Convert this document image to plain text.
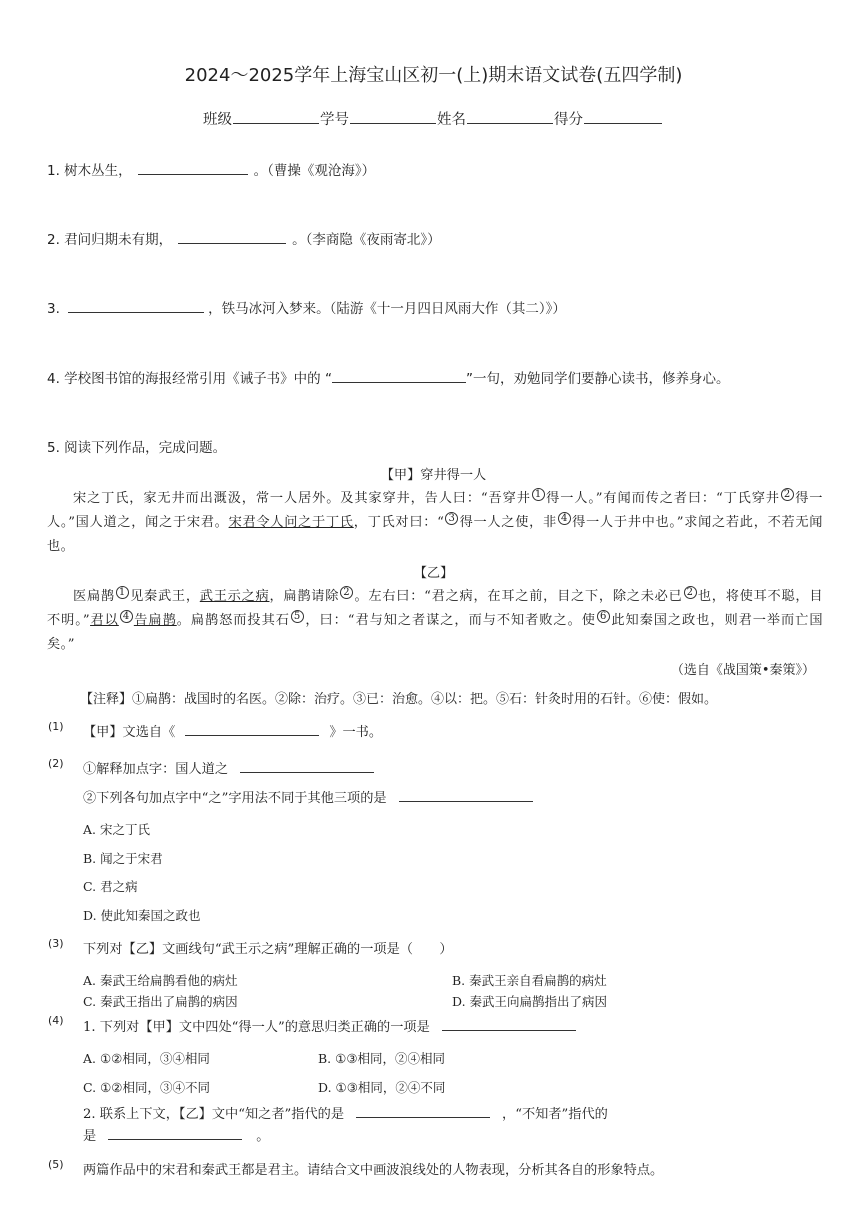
2024～2025学年上海宝山区初一(上)期末语文试卷(五四学制)
班级	学号	姓名	得分
1. 树木丛生，	。（曹操《观沧海》）
2. 君问归期未有期，	。（李商隐《夜雨寄北》）
3.	，铁马冰河入梦来。（陆游《十一月四日风雨大作（其二）》）
4. 学校图书馆的海报经常引用《诫子书》中的 “	”一句，劝勉同学们要静心读书，修养身心。
5. 阅读下列作品，完成问题。
【甲】穿井得一人
宋之丁氏，家无井而出溉汲，常一人居外。及其家穿井，告人曰：“吾穿井 $^1$ 得一人。”有闻而传之者曰：“丁氏穿井 $^2$ 得一人。”国人道之，闻之于宋君。宋君令人问之于丁氏，丁氏对曰：“ $^3$ 得一人之使，非 $^4$ 得一人于井中也。”求闻之若此，不若无闻也。
【乙】
医扁鹊 $^1$ 见秦武王，武王示之病，扁鹊请除 $^2$ 。左右曰：“君之病，在耳之前，目之下，除之未必已 $^2$ 也，将使耳不聪，目不明。”君以 $^4$ 告扁鹊。扁鹊怒而投其石 $^5$ ，曰：“君与知之者谋之，而与不知者败之。使 $^6$ 此知秦国之政也，则君一举而亡国矣。”
（选自《战国策•秦策》）
【注释】①扁鹊：战国时的名医。②除：治疗。③已：治愈。④以：把。⑤石：针灸时用的石针。⑥使：假如。
(1) 【甲】文选自《	》一书。
(2) ①解释加点字：国人道之
②下列各句加点字中“之”字用法不同于其他三项的是
A. 宋之丁氏
B. 闻之于宋君
C. 君之病
D. 使此知秦国之政也
(3) 下列对【乙】文画线句“武王示之病”理解正确的一项是（　　）
A. 秦武王给扁鹊看他的病灶	B. 秦武王亲自看扁鹊的病灶
C. 秦武王指出了扁鹊的病因	D. 秦武王向扁鹊指出了病因
(4) 1. 下列对【甲】文中四处“得一人”的意思归类正确的一项是
A. ①②相同，③④相同	B. ①③相同，②④相同
C. ①②相同，③④不同	D. ①③相同，②④不同
2. 联系上下文，【乙】文中“知之者”指代的是	，“不知者”指代的
是	。
(5) 两篇作品中的宋君和秦武王都是君主。请结合文中画波浪线处的人物表现，分析其各自的形象特点。
